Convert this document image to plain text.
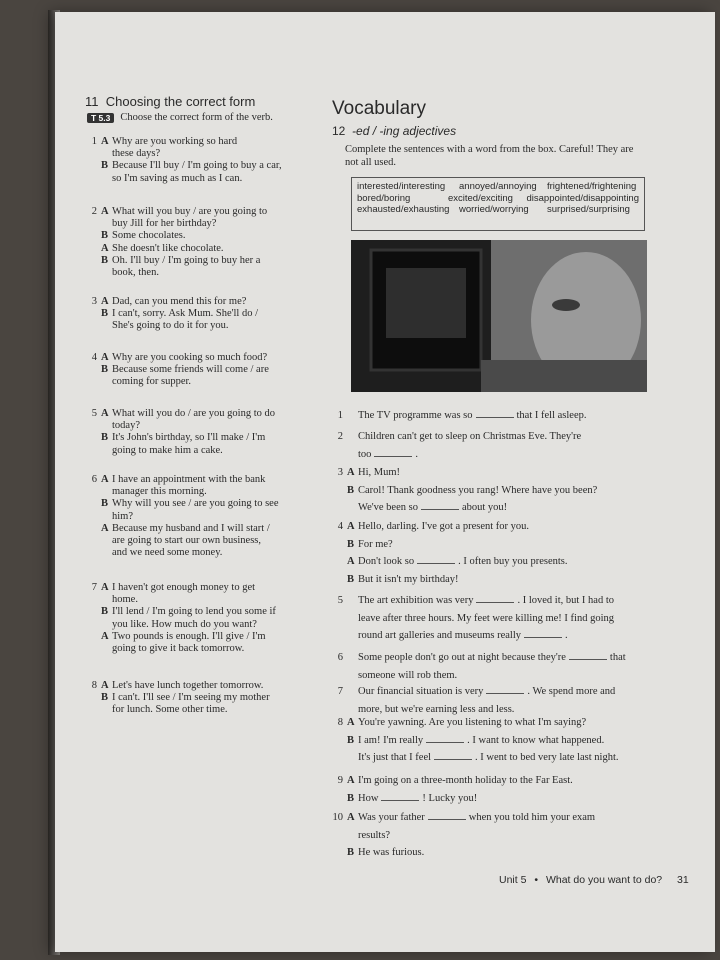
11 Choosing the correct form
T 5.3 Choose the correct form of the verb.
1 A Why are you working so hard
these days?
B Because I'll buy / I'm going to buy a car,
so I'm saving as much as I can.
2 A What will you buy / are you going to
buy Jill for her birthday?
B Some chocolates.
A She doesn't like chocolate.
B Oh. I'll buy / I'm going to buy her a
book, then.
3 A Dad, can you mend this for me?
B I can't, sorry. Ask Mum. She'll do /
She's going to do it for you.
4 A Why are you cooking so much food?
B Because some friends will come / are
coming for supper.
5 A What will you do / are you going to do
today?
B It's John's birthday, so I'll make / I'm
going to make him a cake.
6 A I have an appointment with the bank
manager this morning.
B Why will you see / are you going to see
him?
A Because my husband and I will start /
are going to start our own business,
and we need some money.
7 A I haven't got enough money to get
home.
B I'll lend / I'm going to lend you some if
you like. How much do you want?
A Two pounds is enough. I'll give / I'm
going to give it back tomorrow.
8 A Let's have lunch together tomorrow.
B I can't. I'll see / I'm seeing my mother
for lunch. Some other time.
Vocabulary
12 -ed / -ing adjectives
Complete the sentences with a word from the box. Careful! They are
not all used.
interested/interesting	annoyed/annoying	frightened/frightening
bored/boring	excited/exciting	disappointed/disappointing
exhausted/exhausting	worried/worrying	surprised/surprising
1 The TV programme was so	that I fell asleep.
2 Children can't get to sleep on Christmas Eve. They're
too	.
3 A Hi, Mum!
B Carol! Thank goodness you rang! Where have you been?
We've been so	about you!
4 A Hello, darling. I've got a present for you.
B For me?
A Don't look so	. I often buy you presents.
B But it isn't my birthday!
5 The art exhibition was very	. I loved it, but I had to
leave after three hours. My feet were killing me! I find going
round art galleries and museums really	.
6 Some people don't go out at night because they're	that
someone will rob them.
7 Our financial situation is very	. We spend more and
more, but we're earning less and less.
8 A You're yawning. Are you listening to what I'm saying?
B I am! I'm really	. I want to know what happened.
It's just that I feel	. I went to bed very late last night.
9 A I'm going on a three-month holiday to the Far East.
B How	! Lucky you!
10 A Was your father	when you told him your exam
results?
B He was furious.
Unit 5 • What do you want to do? 31
